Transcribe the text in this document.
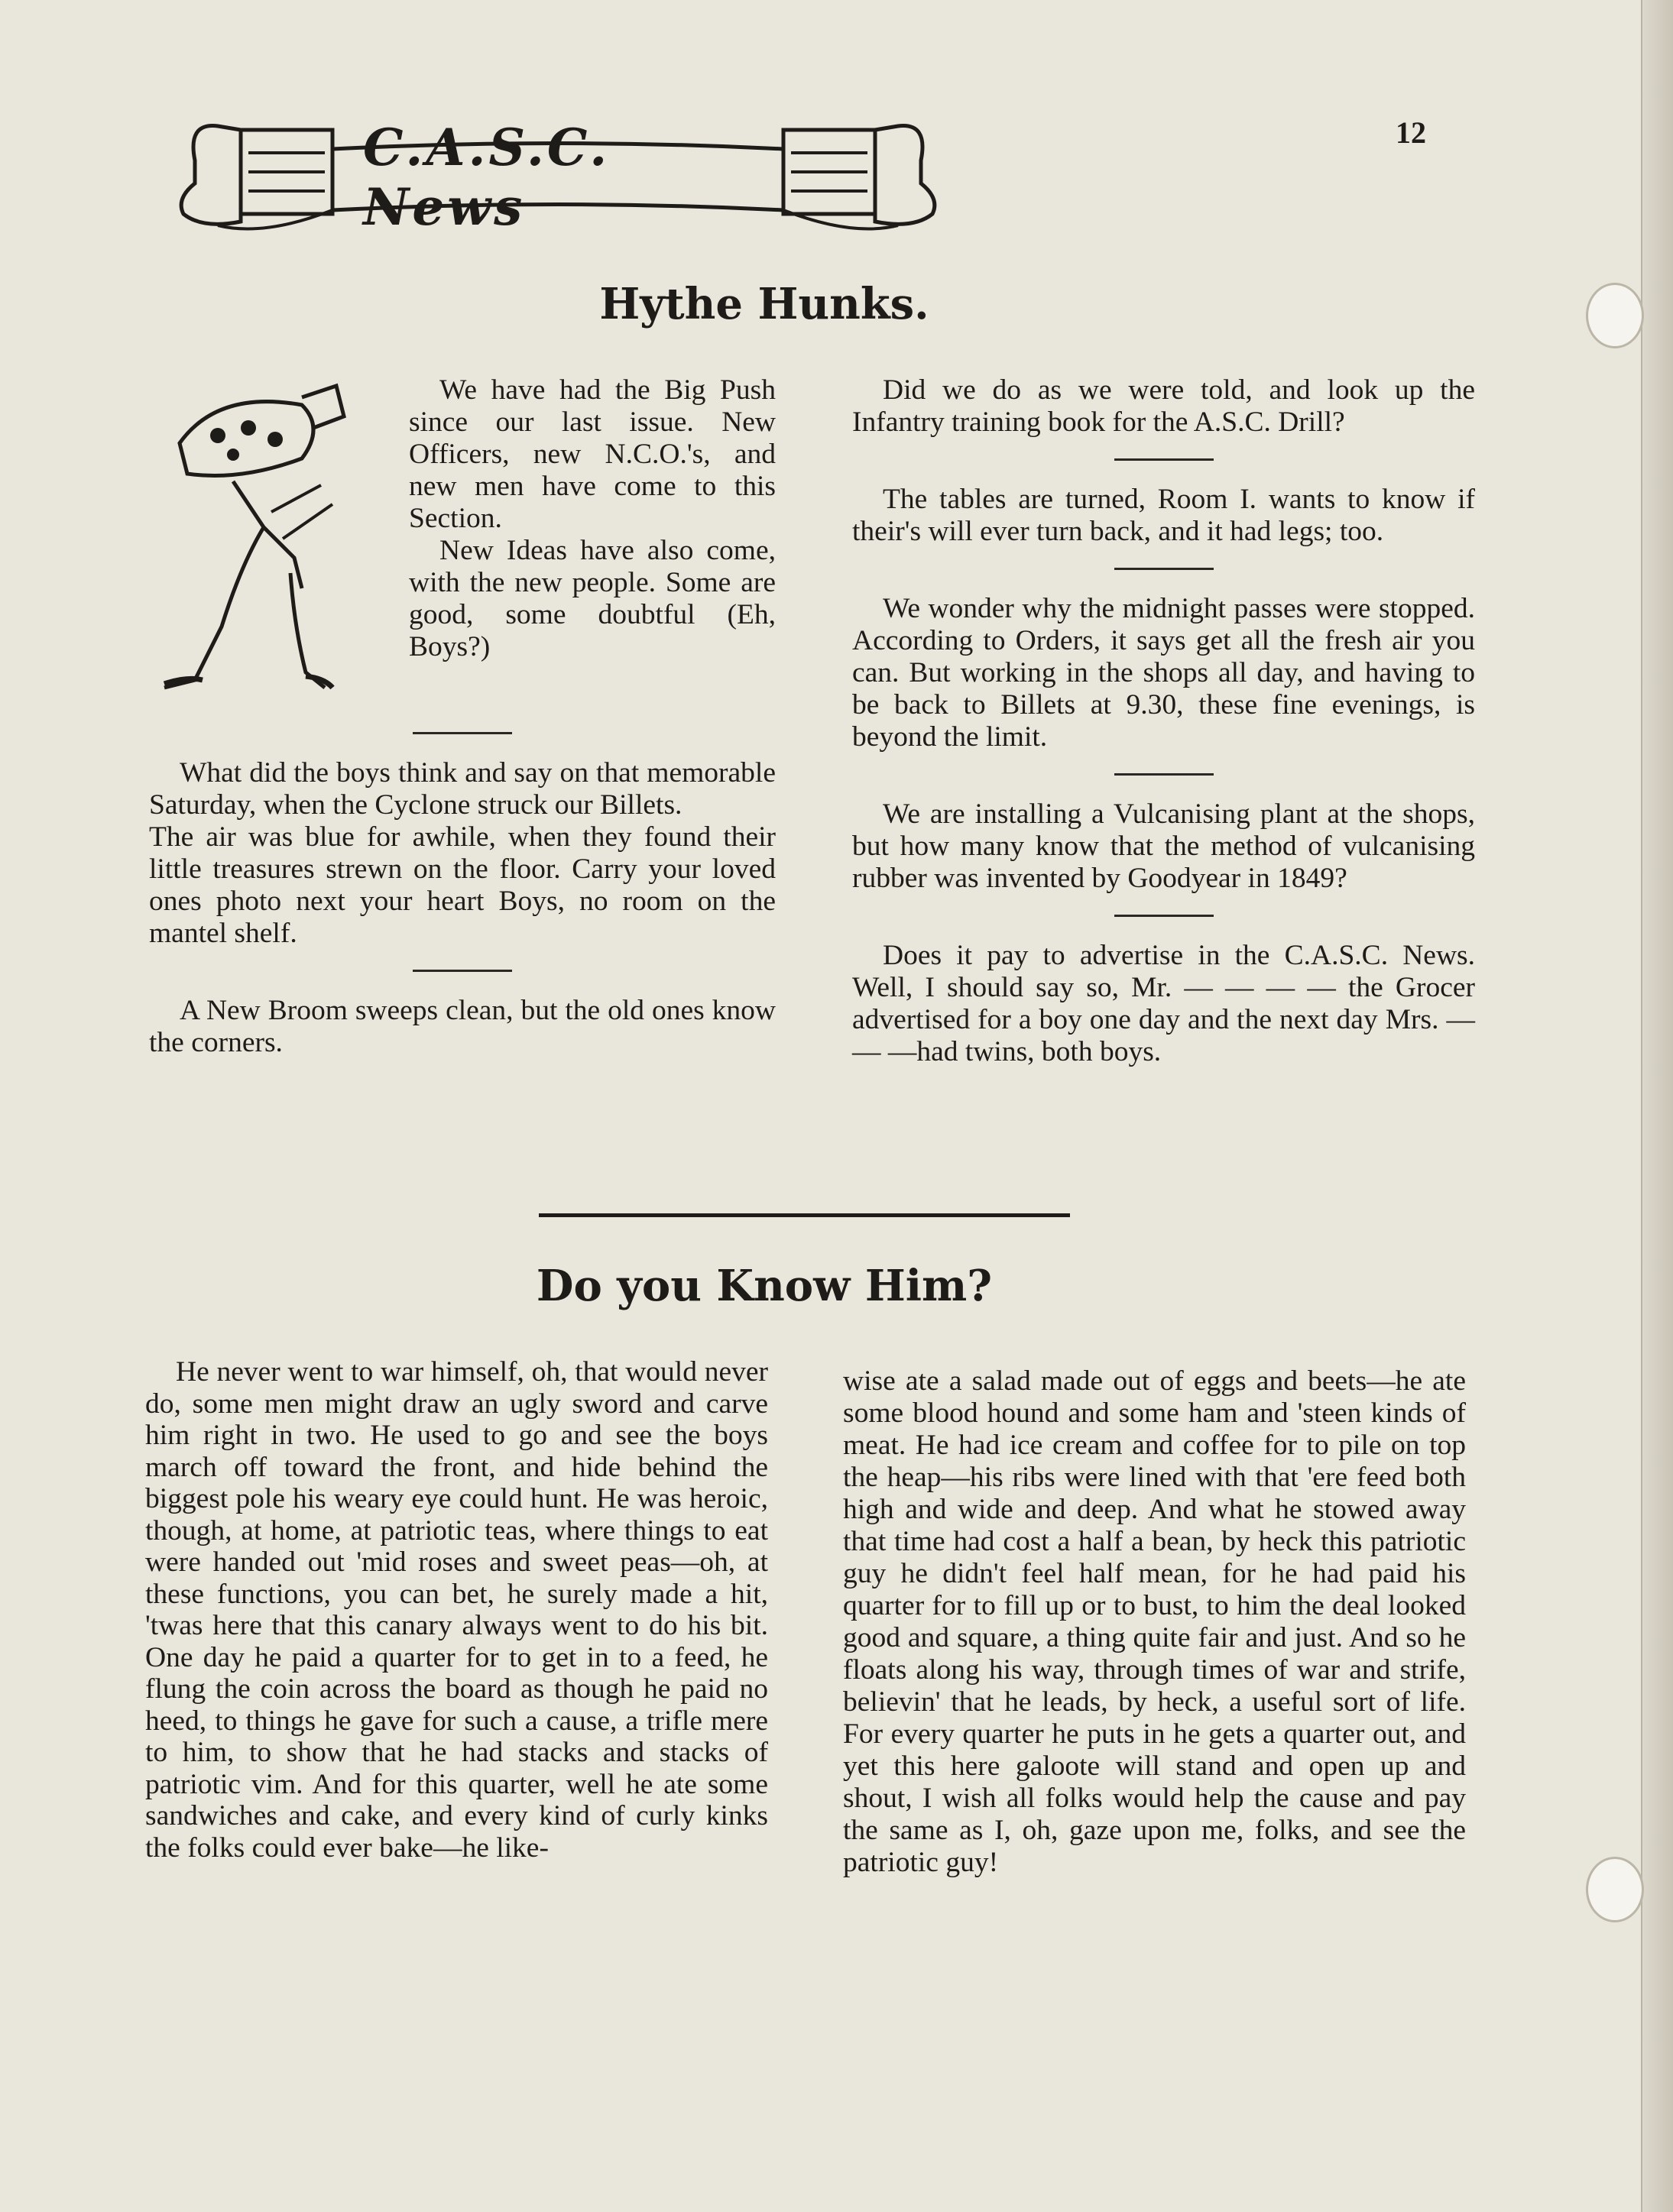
C.A.S.C. News
12
Hythe Hunks.

We have had the Big Push since our last issue. New Officers, new N.C.O.'s, and new men have come to this Section.

New Ideas have also come, with the new people. Some are good, some doubtful (Eh, Boys?)

What did the boys think and say on that memorable Saturday, when the Cyclone struck our Billets.

The air was blue for awhile, when they found their little treasures strewn on the floor. Carry your loved ones photo next your heart Boys, no room on the mantel shelf.

A New Broom sweeps clean, but the old ones know the corners.

Did we do as we were told, and look up the Infantry training book for the A.S.C. Drill?

The tables are turned, Room I. wants to know if their's will ever turn back, and it had legs; too.

We wonder why the midnight passes were stopped. According to Orders, it says get all the fresh air you can. But working in the shops all day, and having to be back to Billets at 9.30, these fine evenings, is beyond the limit.

We are installing a Vulcanising plant at the shops, but how many know that the method of vulcanising rubber was invented by Goodyear in 1849?

Does it pay to advertise in the C.A.S.C. News. Well, I should say so, Mr. — — — — the Grocer advertised for a boy one day and the next day Mrs. — — —had twins, both boys.

Do you Know Him?

He never went to war himself, oh, that would never do, some men might draw an ugly sword and carve him right in two. He used to go and see the boys march off toward the front, and hide behind the biggest pole his weary eye could hunt. He was heroic, though, at home, at patriotic teas, where things to eat were handed out 'mid roses and sweet peas—oh, at these functions, you can bet, he surely made a hit, 'twas here that this canary always went to do his bit. One day he paid a quarter for to get in to a feed, he flung the coin across the board as though he paid no heed, to things he gave for such a cause, a trifle mere to him, to show that he had stacks and stacks of patriotic vim. And for this quarter, well he ate some sandwiches and cake, and every kind of curly kinks the folks could ever bake—he like-

wise ate a salad made out of eggs and beets—he ate some blood hound and some ham and 'steen kinds of meat. He had ice cream and coffee for to pile on top the heap—his ribs were lined with that 'ere feed both high and wide and deep. And what he stowed away that time had cost a half a bean, by heck this patriotic guy he didn't feel half mean, for he had paid his quarter for to fill up or to bust, to him the deal looked good and square, a thing quite fair and just. And so he floats along his way, through times of war and strife, believin' that he leads, by heck, a useful sort of life. For every quarter he puts in he gets a quarter out, and yet this here galoote will stand and open up and shout, I wish all folks would help the cause and pay the same as I, oh, gaze upon me, folks, and see the patriotic guy!
